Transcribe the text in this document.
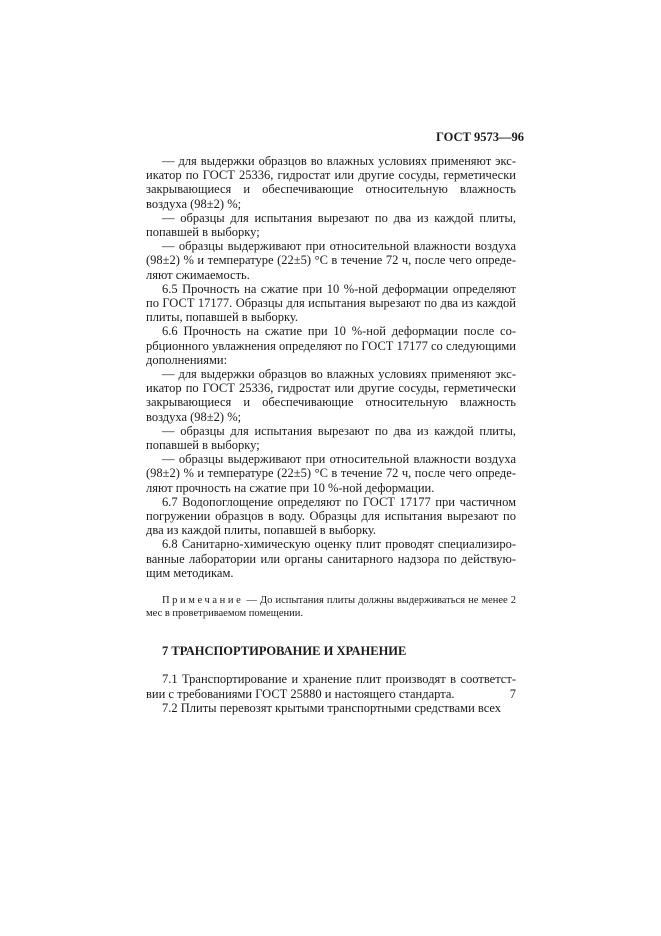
ГОСТ 9573—96

— для выдержки образцов во влажных условиях применяют эксикатор по ГОСТ 25336, гидростат или другие сосуды, герметически закрывающиеся и обеспечивающие относительную влажность воздуха (98±2) %;

— образцы для испытания вырезают по два из каждой плиты, попавшей в выборку;

— образцы выдерживают при относительной влажности воздуха (98±2) % и температуре (22±5) °С в течение 72 ч, после чего определяют сжимаемость.

6.5 Прочность на сжатие при 10 %-ной деформации определяют по ГОСТ 17177. Образцы для испытания вырезают по два из каждой плиты, попавшей в выборку.

6.6 Прочность на сжатие при 10 %-ной деформации после сорбционного увлажнения определяют по ГОСТ 17177 со следующими дополнениями:

— для выдержки образцов во влажных условиях применяют эксикатор по ГОСТ 25336, гидростат или другие сосуды, герметически закрывающиеся и обеспечивающие относительную влажность воздуха (98±2) %;

— образцы для испытания вырезают по два из каждой плиты, попавшей в выборку;

— образцы выдерживают при относительной влажности воздуха (98±2) % и температуре (22±5) °С в течение 72 ч, после чего определяют прочность на сжатие при 10 %-ной деформации.

6.7 Водопоглощение определяют по ГОСТ 17177 при частичном погружении образцов в воду. Образцы для испытания вырезают по два из каждой плиты, попавшей в выборку.

6.8 Санитарно-химическую оценку плит проводят специализированные лаборатории или органы санитарного надзора по действующим методикам.

Примечание — До испытания плиты должны выдерживаться не менее 2 мес в проветриваемом помещении.

7 ТРАНСПОРТИРОВАНИЕ И ХРАНЕНИЕ

7.1 Транспортирование и хранение плит производят в соответствии с требованиями ГОСТ 25880 и настоящего стандарта.

7.2 Плиты перевозят крытыми транспортными средствами всех

7
